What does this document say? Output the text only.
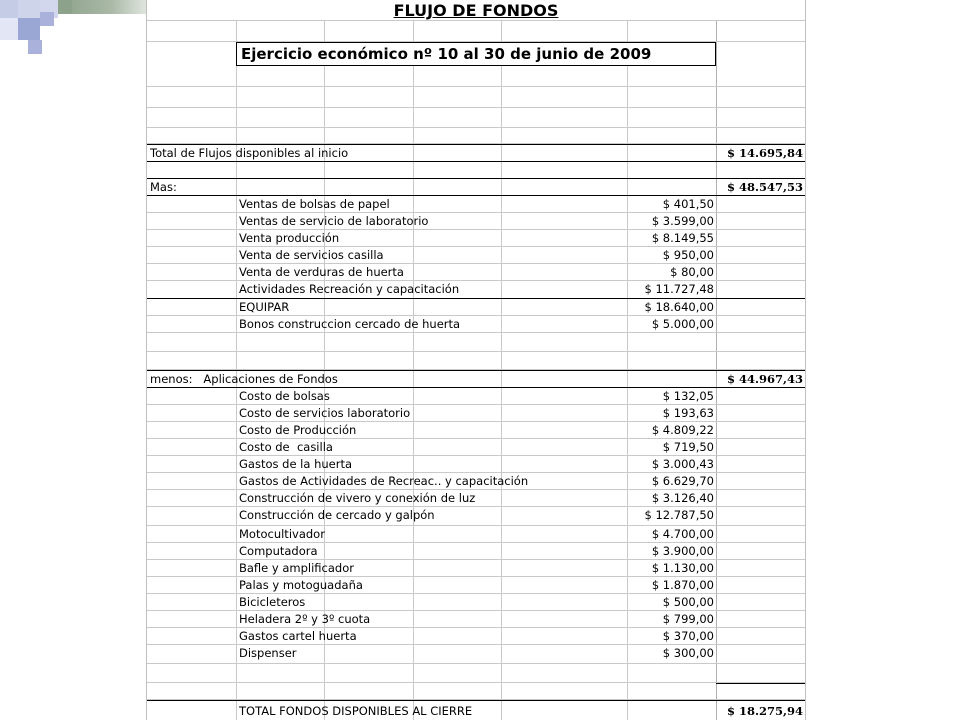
FLUJO DE FONDOS
Ejercicio económico nº 10 al 30 de junio de 2009
Total de Flujos disponibles al inicio	$ 14.695,84
Mas:	$ 48.547,53
Ventas de bolsas de papel	$ 401,50
Ventas de servicio de laboratorio	$ 3.599,00
Venta producción	$ 8.149,55
Venta de servicios casilla	$ 950,00
Venta de verduras de huerta	$ 80,00
Actividades Recreación y capacitación	$ 11.727,48
EQUIPAR	$ 18.640,00
Bonos construccion cercado de huerta	$ 5.000,00
menos:   Aplicaciones de Fondos	$ 44.967,43
Costo de bolsas	$ 132,05
Costo de servicios laboratorio	$ 193,63
Costo de Producción	$ 4.809,22
Costo de  casilla	$ 719,50
Gastos de la huerta	$ 3.000,43
Gastos de Actividades de Recreac.. y capacitación	$ 6.629,70
Construcción de vivero y conexión de luz	$ 3.126,40
Construcción de cercado y galpón	$ 12.787,50
Motocultivador	$ 4.700,00
Computadora	$ 3.900,00
Bafle y amplificador	$ 1.130,00
Palas y motoguadaña	$ 1.870,00
Bicicleteros	$ 500,00
Heladera 2º y 3º cuota	$ 799,00
Gastos cartel huerta	$ 370,00
Dispenser	$ 300,00
TOTAL FONDOS DISPONIBLES AL CIERRE	$ 18.275,94
